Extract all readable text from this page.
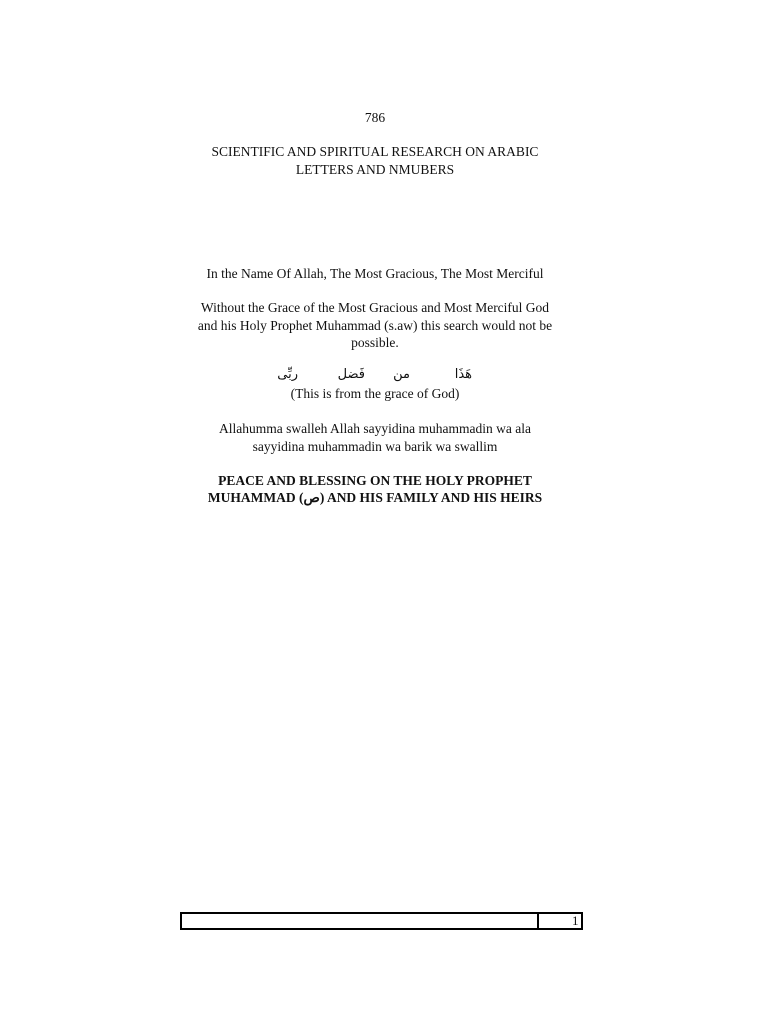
786
SCIENTIFIC AND SPIRITUAL RESEARCH ON ARABIC
LETTERS AND NMUBERS
In the Name Of Allah, The Most Gracious, The Most Merciful
Without the Grace of the Most Gracious and Most Merciful God
and his Holy Prophet Muhammad (s.aw) this search would not be
possible.
هَذَا
من
فَضل
ربِّى
(This is from the grace of God)
Allahumma swalleh Allah sayyidina muhammadin wa ala
sayyidina muhammadin wa barik wa swallim
PEACE AND BLESSING ON THE HOLY PROPHET
MUHAMMAD (ص) AND HIS FAMILY AND HIS HEIRS
1
